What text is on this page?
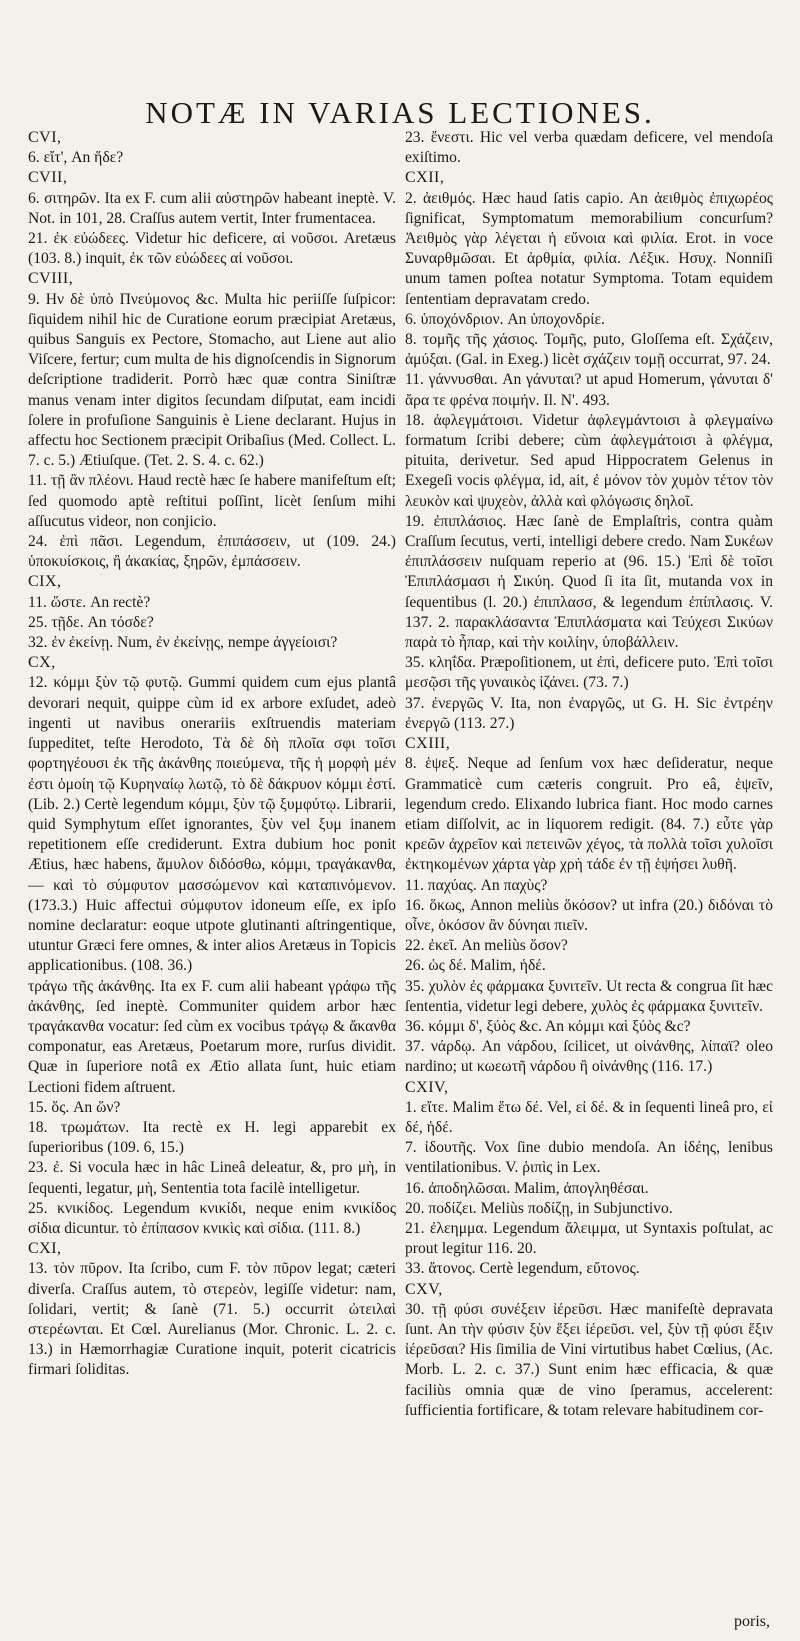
NOTÆ IN VARIAS LECTIONES.

CVI,

6. εἴτ', An ἥδε?

CVII,

6. σιτηρῶν. Ita ex F. cum alii αὐστηρῶν habeant ineptè. V. Not. in 101, 28. Craſſus autem vertit, Inter frumentacea.

21. ἐκ εὐώδεες. Videtur hic deficere, αἱ νοῦσοι. Aretæus (103. 8.) inquit, ἐκ τῶν εὐώδεες αἱ νοῦσοι.

CVIII,

9. Ην δὲ ὑπὸ Πνεύμονος &c. Multa hic periiſſe ſuſpicor: ſiquidem nihil hic de Curatione eorum præcipiat Aretæus, quibus Sanguis ex Pectore, Stomacho, aut Liene aut alio Viſcere, fertur; cum multa de his dignoſcendis in Signorum deſcriptione tradiderit. Porrò hæc quæ contra Siniſtræ manus venam inter digitos ſecundam diſputat, eam incidi ſolere in profuſione Sanguinis è Liene declarant. Hujus in affectu hoc Sectionem præcipit Oribaſius (Med. Collect. L. 7. c. 5.) Ætiuſque. (Tet. 2. S. 4. c. 62.)

11. τῇ ἂν πλέονι. Haud rectè hæc ſe habere manifeſtum eſt; ſed quomodo aptè reſtitui poſſint, licèt ſenſum mihi aſſucutus videor, non conjicio.

24. ἐπὶ πᾶσι. Legendum, ἐπιπάσσειν, ut (109. 24.) ὑποκυίσκοις, ἢ ἀκακίας, ξηρῶν, ἐμπάσσειν.

CIX,

11. ὥστε. An rectè?

25. τῇδε. An τόσδε?

32. ἐν ἐκείνῃ. Num, ἐν ἐκείνῃς, nempe ἀγγείοισι?

CX,

12. κόμμι ξὺν τῷ φυτῷ. Gummi quidem cum ejus plantâ devorari nequit, quippe cùm id ex arbore exſudet, adeò ingenti ut navibus onerariis exſtruendis materiam ſuppeditet, teſte Herodoto, Τὰ δὲ δὴ πλοῖα σφι τοῖσι φορτηγέουσι ἐκ τῆς ἀκάνθης ποιεύμενα, τῆς ἡ μορφὴ μέν ἐστι ὁμοίη τῷ Κυρηναίῳ λωτῷ, τὸ δὲ δάκρυον κόμμι ἐστί. (Lib. 2.) Certè legendum κόμμι, ξὺν τῷ ξυμφύτῳ. Librarii, quid Symphytum eſſet ignorantes, ξὺν vel ξυμ inanem repetitionem eſſe crediderunt. Extra dubium hoc ponit Ætius, hæc habens, ἄμυλον διδόσθω, κόμμι, τραγάκανθα, — καὶ τὸ σύμφυτον μασσώμενον καὶ καταπινόμενον. (173.3.) Huic affectui σύμφυτον idoneum eſſe, ex ipſo nomine declaratur: eoque utpote glutinanti aſtringentique, utuntur Græci fere omnes, & inter alios Aretæus in Topicis applicationibus. (108. 36.)

τράγω τῆς ἀκάνθης. Ita ex F. cum alii habeant γράφω τῆς ἀκάνθης, ſed ineptè. Communiter quidem arbor hæc τραγάκανθα vocatur: ſed cùm ex vocibus τράγῳ & ἄκανθα componatur, eas Aretæus, Poetarum more, rurſus dividit. Quæ in ſuperiore notâ ex Ætio allata ſunt, huic etiam Lectioni fidem aſtruent.

15. ὅς. An ὥν?

18. τρωμάτων. Ita rectè ex H. legi apparebit ex ſuperioribus (109. 6, 15.)

23. ἐ. Si vocula hæc in hâc Lineâ deleatur, &, pro μὴ, in ſequenti, legatur, μὴ, Sententia tota facilè intelligetur.

25. κνικίδος. Legendum κνικίδι, neque enim κνικίδος σίδια dicuntur. τὸ ἐπίπασον κνικὶς καὶ σίδια. (111. 8.)

CXI,

13. τὸν πῦρον. Ita ſcribo, cum F. τὸν πῦρον legat; cæteri diverſa. Craſſus autem, τὸ στερεὸν, legiſſe videtur: nam, ſolidari, vertit; & ſanè (71. 5.) occurrit ὠτειλαὶ στερέωνται. Et Cœl. Aurelianus (Mor. Chronic. L. 2. c. 13.) in Hæmorrhagiæ Curatione inquit, poterit cicatricis firmari ſoliditas.

23. ἔνεστι. Hic vel verba quædam deficere, vel mendoſa exiſtimo.

CXII,

2. ἀειθμός. Hæc haud ſatis capio. An ἀειθμὸς ἐπιχωρέος ſignificat, Symptomatum memorabilium concurſum? Ἀειθμὸς γὰρ λέγεται ἡ εὔνοια καὶ φιλία. Erot. in voce Συναρθμῶσαι. Et ἀρθμία, φιλία. Λέξικ. Ησυχ. Nonniſi unum tamen poſtea notatur Symptoma. Totam equidem ſententiam depravatam credo.

6. ὑποχόνδριον. An ὑποχονδρίε.

8. τομῆς τῆς χάσιος. Τομῆς, puto, Gloſſema eſt. Σχάζειν, ἀμύξαι. (Gal. in Exeg.) licèt σχάζειν τομῇ occurrat, 97. 24.

11. γάννυσθαι. An γάνυται? ut apud Homerum, γάνυται δ' ἄρα τε φρένα ποιμήν. Il. N'. 493.

18. ἀφλεγμάτοισι. Videtur ἀφλεγμάντοισι à φλεγμαίνω formatum ſcribi debere; cùm ἀφλεγμάτοισι à φλέγμα, pituita, derivetur. Sed apud Hippocratem Gelenus in Exegeſi vocis φλέγμα, id, ait, ἐ μόνον τὸν χυμὸν τέτον τὸν λευκὸν καὶ ψυχεὸν, ἀλλὰ καὶ φλόγωσις δηλοῖ.

19. ἐπιπλάσιος. Hæc ſanè de Emplaſtris, contra quàm Craſſum ſecutus, verti, intelligi debere credo. Nam Συκέων ἐπιπλάσσειν nuſquam reperio at (96. 15.) Ἐπὶ δὲ τοῖσι Ἐπιπλάσμασι ἡ Σικύη. Quod ſi ita ſit, mutanda vox in ſequentibus (l. 20.) ἐπιπλασσ, & legendum ἐπίπλασις. V. 137. 2. παρακλάσαντα Ἐπιπλάσματα καὶ Τεύχεσι Σικύων παρὰ τὸ ἦπαρ, καὶ τὴν κοιλίην, ὑποβάλλειν.

35. κληΐδα. Præpoſitionem, ut ἐπὶ, deficere puto. Ἐπὶ τοῖσι μεσῷσι τῆς γυναικὸς ἰζάνει. (73. 7.)

37. ἐνεργῶς V. Ita, non ἐναργῶς, ut G. H. Sic ἐντρέην ἐνεργῶ (113. 27.)

CXIII,

8. ἑψεξ. Neque ad ſenſum vox hæc deſideratur, neque Grammaticè cum cæteris congruit. Pro eâ, ἑψεῖν, legendum credo. Elixando lubrica fiant. Hoc modo carnes etiam diſſolvit, ac in liquorem redigit. (84. 7.) εὖτε γὰρ κρεῶν ἀχρεῖον καὶ πετεινῶν χέγος, τὰ πολλὰ τοῖσι χυλοῖσι ἐκτηκομένων χάρτα γὰρ χρὴ τάδε ἐν τῇ ἑψήσει λυθῆ.

11. παχύας. An παχὺς?

16. ὅκως, Annon meliùs ὅκόσον? ut infra (20.) διδόναι τὸ οἶνε, ὁκόσον ἂν δύνηαι πιεῖν.

22. ἐκεῖ. An meliùs ὅσον?

26. ὡς δέ. Malim, ἡδέ.

35. χυλὸν ἐς φάρμακα ξυνιτεῖν. Ut recta & congrua ſit hæc ſententia, videtur legi debere, χυλὸς ἐς φάρμακα ξυνιτεῖν.

36. κόμμι δ', ξύὸς &c. An κόμμι καὶ ξύὸς &c?

37. νάρδῳ. An νάρδου, ſcilicet, ut οἰνάνθης, λίπαϊ? oleo nardino; ut κωεωτῆ νάρδου ἢ οἰνάνθης (116. 17.)

CXIV,

1. εἴτε. Malim ἕτω δέ. Vel, εἰ δέ. & in ſequenti lineâ pro, εἰ δέ, ἡδέ.

7. ἰδουτῆς. Vox ſine dubio mendoſa. An ἰδέης, lenibus ventilationibus. V. ῥιπὶς in Lex.

16. ἀποδηλῶσαι. Malim, ἀπογληθέσαι.

20. ποδίζει. Meliùs ποδίζῃ, in Subjunctivo.

21. ἐλεημμα. Legendum ἄλειμμα, ut Syntaxis poſtulat, ac prout legitur 116. 20.

33. ἄτονος. Certè legendum, εὔτονος.

CXV,

30. τῇ φύσι συνέξειν ἰέρεῦσι. Hæc manifeſtè depravata ſunt. An τὴν φύσιν ξὺν ἕξει ἰέρεῦσι. vel, ξὺν τῇ φύσι ἕξιν ἰέρεῦσαι? His ſimilia de Vini virtutibus habet Cœlius, (Ac. Morb. L. 2. c. 37.) Sunt enim hæc efficacia, & quæ faciliùs omnia quæ de vino ſperamus, accelerent: ſufficientia fortificare, & totam relevare habitudinem cor-

poris,
